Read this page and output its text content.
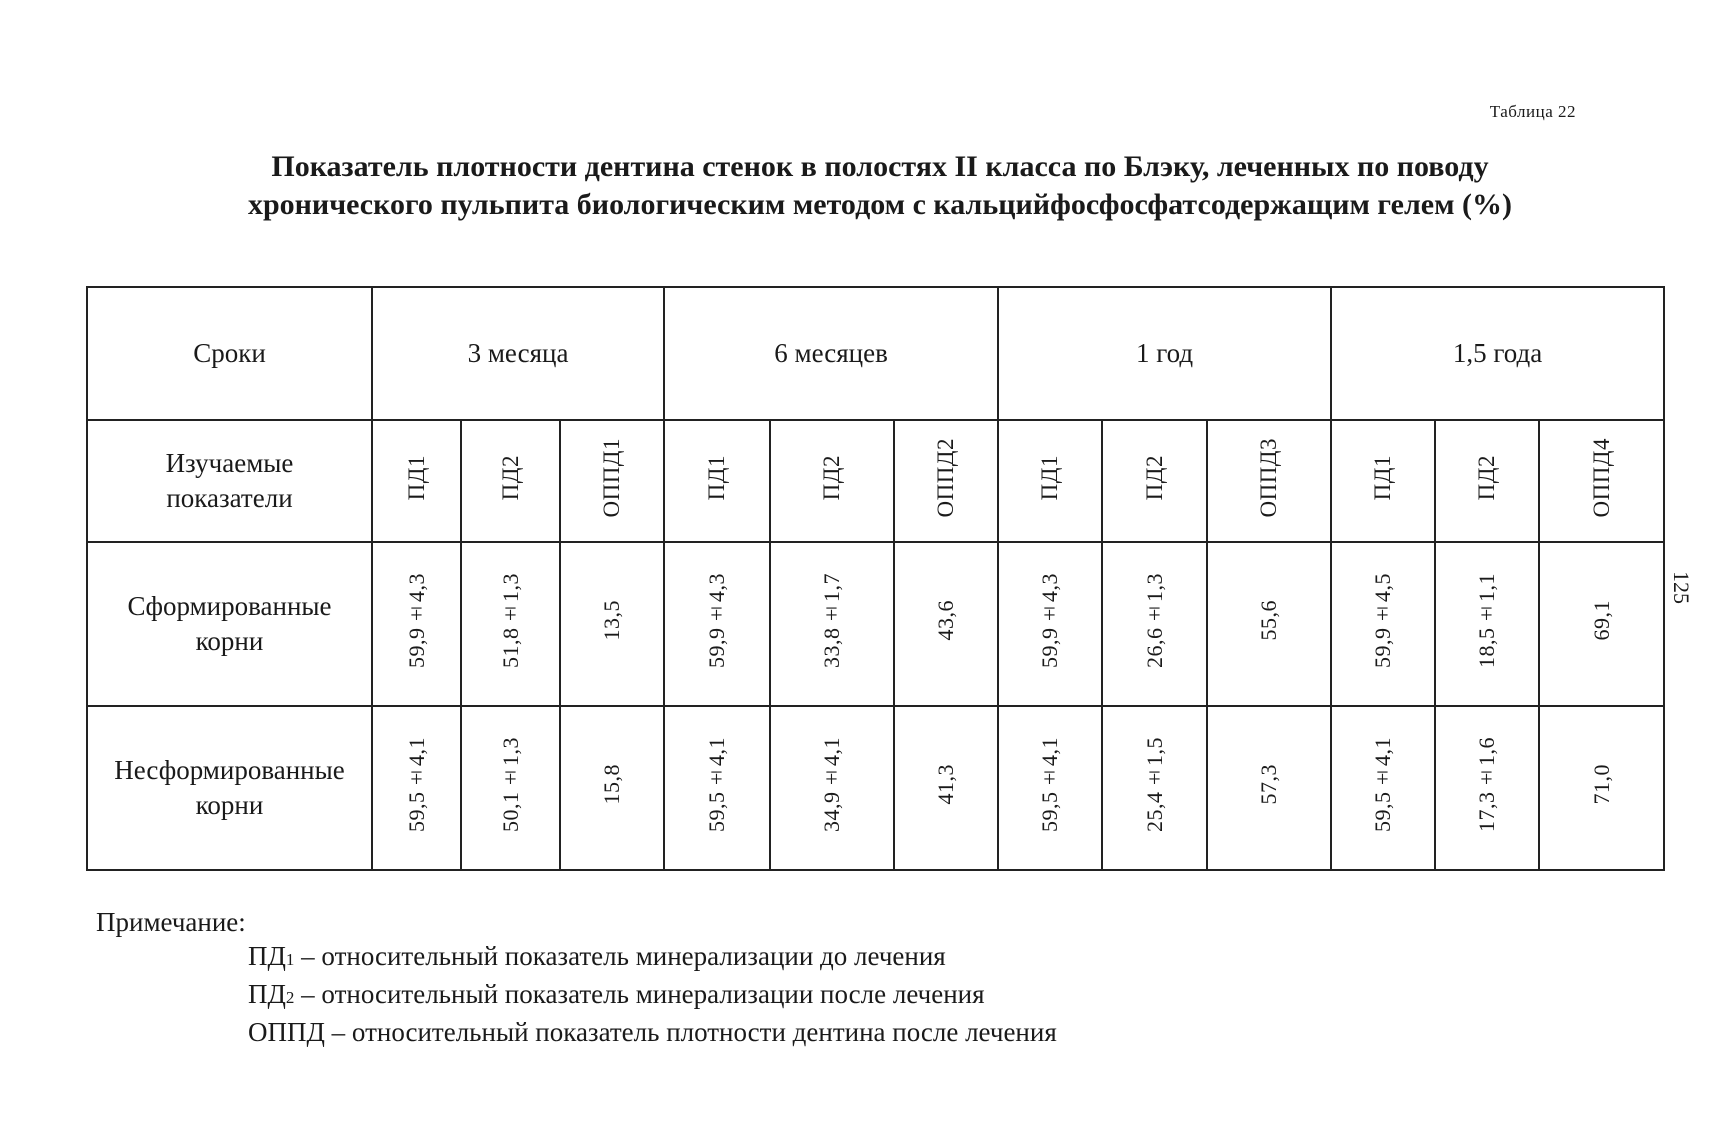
Таблица 22
Показатель плотности дентина стенок в полостях II класса по Блэку, леченных по поводу
хронического пульпита биологическим методом с кальцийфосфосфатсодержащим гелем (%)
Сроки	3 месяца			6 месяцев			1 год			1,5 года		

Изучаемые
показатели	ПД1	ПД2	ОППД1	ПД1	ПД2	ОППД2	ПД1	ПД2	ОППД3	ПД1	ПД2	ОППД4

Сформированные
корни	59,9±4,3	51,8±1,3	13,5	59,9±4,3	33,8±1,7	43,6	59,9±4,3	26,6±1,3	55,6	59,9±4,5	18,5±1,1	69,1

Несформированные
корни	59,5±4,1	50,1±1,3	15,8	59,5±4,1	34,9±4,1	41,3	59,5±4,1	25,4±1,5	57,3	59,5±4,1	17,3±1,6	71,0
125
Примечание:
ПД1 – относительный показатель минерализации до лечения
ПД2 – относительный показатель минерализации после лечения
ОППД – относительный показатель плотности дентина после лечения
